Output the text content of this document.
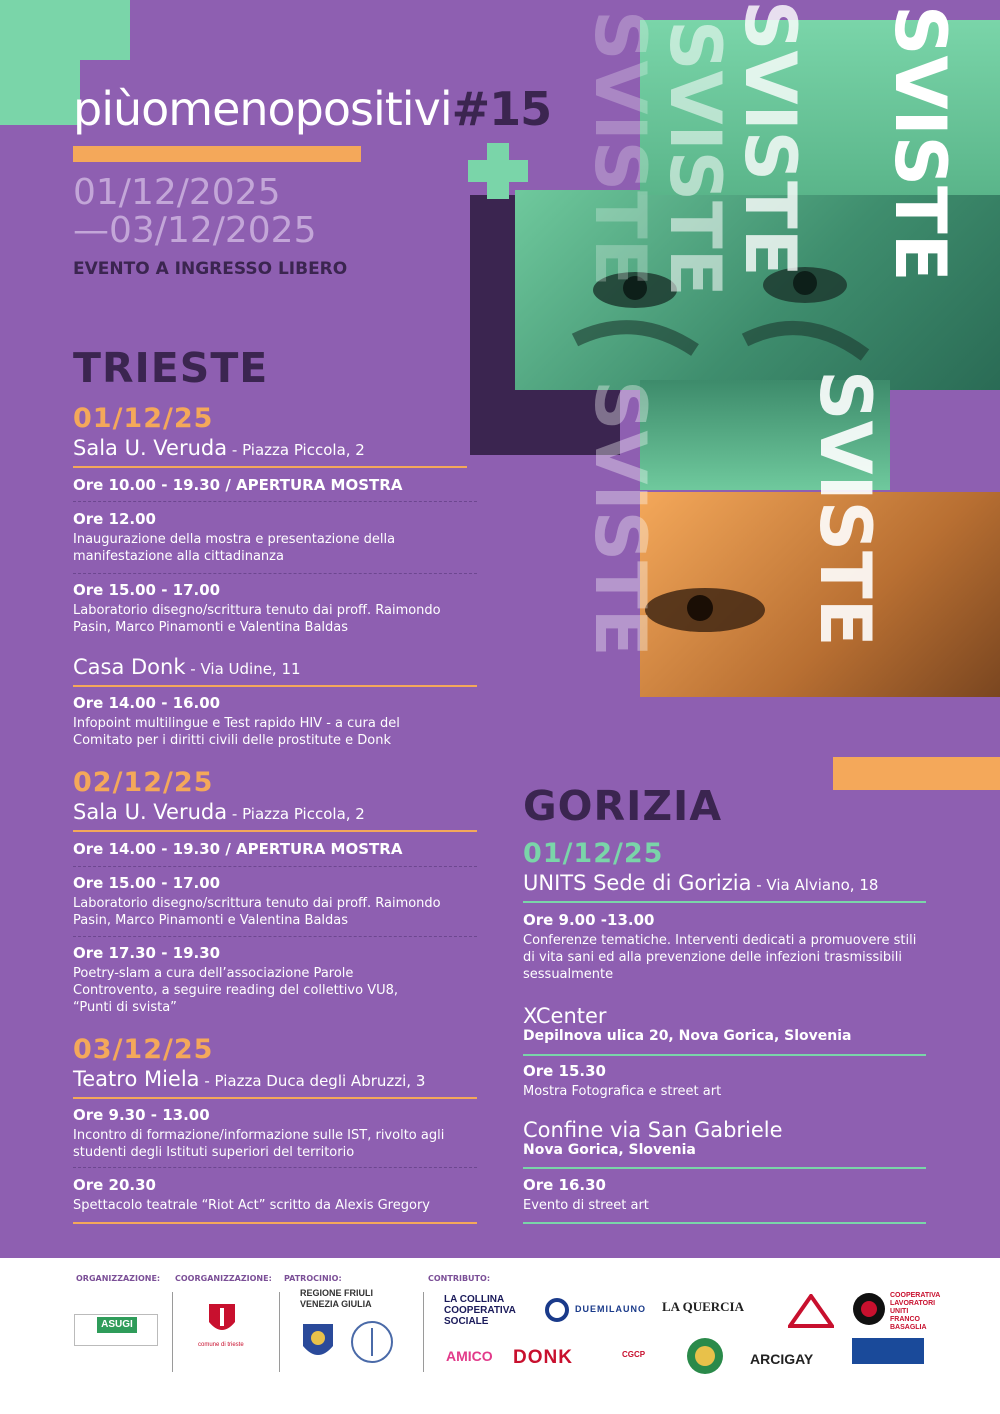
SVISTE
SVISTE
SVISTE
SVISTE
SVISTE
SVISTE
piùomenopositivi#15
01/12/2025
—03/12/2025
EVENTO A INGRESSO LIBERO
TRIESTE
01/12/25
Sala U. Veruda - Piazza Piccola, 2
Ore 10.00 - 19.30 / APERTURA MOSTRA
Ore 12.00
Inaugurazione della mostra e presentazione della manifestazione alla cittadinanza
Ore 15.00 - 17.00
Laboratorio disegno/scrittura tenuto dai proff. Raimondo Pasin, Marco Pinamonti e Valentina Baldas
Casa Donk - Via Udine, 11
Ore 14.00 - 16.00
Infopoint multilingue e Test rapido HIV - a cura del Comitato per i diritti civili delle prostitute e Donk
02/12/25
Sala U. Veruda - Piazza Piccola, 2
Ore 14.00 - 19.30 / APERTURA MOSTRA
Ore 15.00 - 17.00
Laboratorio disegno/scrittura tenuto dai proff. Raimondo Pasin, Marco Pinamonti e Valentina Baldas
Ore 17.30 - 19.30
Poetry-slam a cura dell’associazione Parole Controvento, a seguire reading del collettivo VU8, “Punti di svista”
03/12/25
Teatro Miela - Piazza Duca degli Abruzzi, 3
Ore 9.30 - 13.00
Incontro di formazione/informazione sulle IST, rivolto agli studenti degli Istituti superiori del territorio
Ore 20.30
Spettacolo teatrale “Riot Act” scritto da Alexis Gregory
GORIZIA
01/12/25
UNITS Sede di Gorizia - Via Alviano, 18
Ore 9.00 -13.00
Conferenze tematiche. Interventi dedicati a promuovere stili di vita sani ed alla prevenzione delle infezioni trasmissibili sessualmente
XCenter
Depilnova ulica 20, Nova Gorica, Slovenia
Ore 15.30
Mostra Fotografica e street art
Confine via San Gabriele
Nova Gorica, Slovenia
Ore 16.30
Evento di street art
ORGANIZZAZIONE: COORGANIZZAZIONE: PATROCINIO:	CONTRIBUTO:
ASUGI
comune di trieste
REGIONE FRIULI VENEZIA GIULIA	LA COLLINA COOPERATIVA SOCIALE
DUEMILAUNO LA QUERCIA
COOPERATIVA LAVORATORI UNITI FRANCO BASAGLIA
AMICO DONK	CGCP	ARCIGAY
